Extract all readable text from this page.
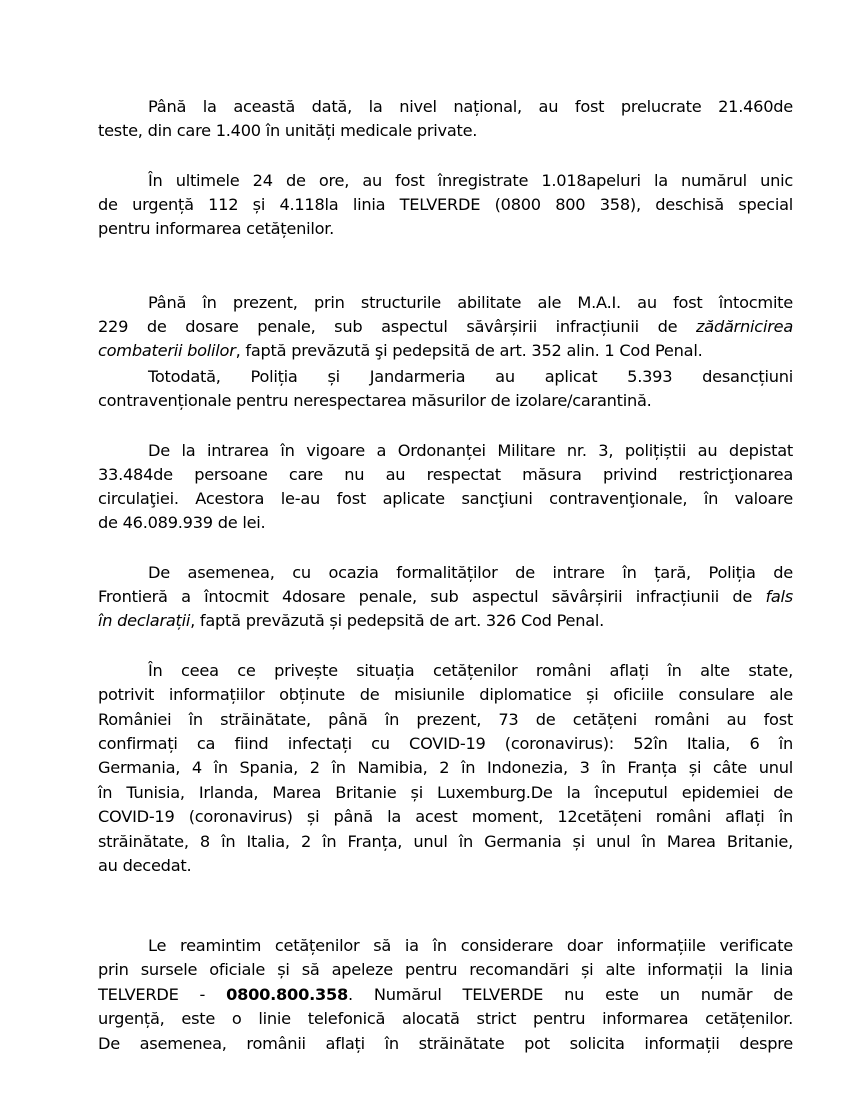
Până la această dată, la nivel național, au fost prelucrate 21.460de
teste, din care 1.400 în unități medicale private.
În ultimele 24 de ore, au fost înregistrate 1.018apeluri la numărul unic
de urgență 112 și 4.118la linia TELVERDE (0800 800 358), deschisă special
pentru informarea cetățenilor.
Până în prezent, prin structurile abilitate ale M.A.I. au fost întocmite
229 de dosare penale, sub aspectul săvârșirii infracțiunii de zădărnicirea
combaterii bolilor, faptă prevăzută şi pedepsită de art. 352 alin. 1 Cod Penal.
Totodată, Poliția și Jandarmeria au aplicat 5.393 desancțiuni
contravenționale pentru nerespectarea măsurilor de izolare/carantină.
De la intrarea în vigoare a Ordonanței Militare nr. 3, polițiștii au depistat
33.484de persoane care nu au respectat măsura privind restricţionarea
circulaţiei. Acestora le-au fost aplicate sancţiuni contravenţionale, în valoare
de 46.089.939 de lei.
De asemenea, cu ocazia formalităților de intrare în țară, Poliția de
Frontieră a întocmit 4dosare penale, sub aspectul săvârșirii infracțiunii de fals
în declarații, faptă prevăzută și pedepsită de art. 326 Cod Penal.
În ceea ce privește situația cetățenilor români aflați în alte state,
potrivit informațiilor obținute de misiunile diplomatice și oficiile consulare ale
României în străinătate, până în prezent, 73 de cetățeni români au fost
confirmați ca fiind infectați cu COVID-19 (coronavirus): 52în Italia, 6 în
Germania, 4 în Spania, 2 în Namibia, 2 în Indonezia, 3 în Franța și câte unul
în Tunisia, Irlanda, Marea Britanie și Luxemburg.De la începutul epidemiei de
COVID-19 (coronavirus) și până la acest moment, 12cetățeni români aflați în
străinătate, 8 în Italia, 2 în Franța, unul în Germania și unul în Marea Britanie,
au decedat.
Le reamintim cetățenilor să ia în considerare doar informațiile verificate
prin sursele oficiale și să apeleze pentru recomandări și alte informații la linia
TELVERDE - 0800.800.358. Numărul TELVERDE nu este un număr de
urgență, este o linie telefonică alocată strict pentru informarea cetățenilor.
De asemenea, românii aflați în străinătate pot solicita informații despre
